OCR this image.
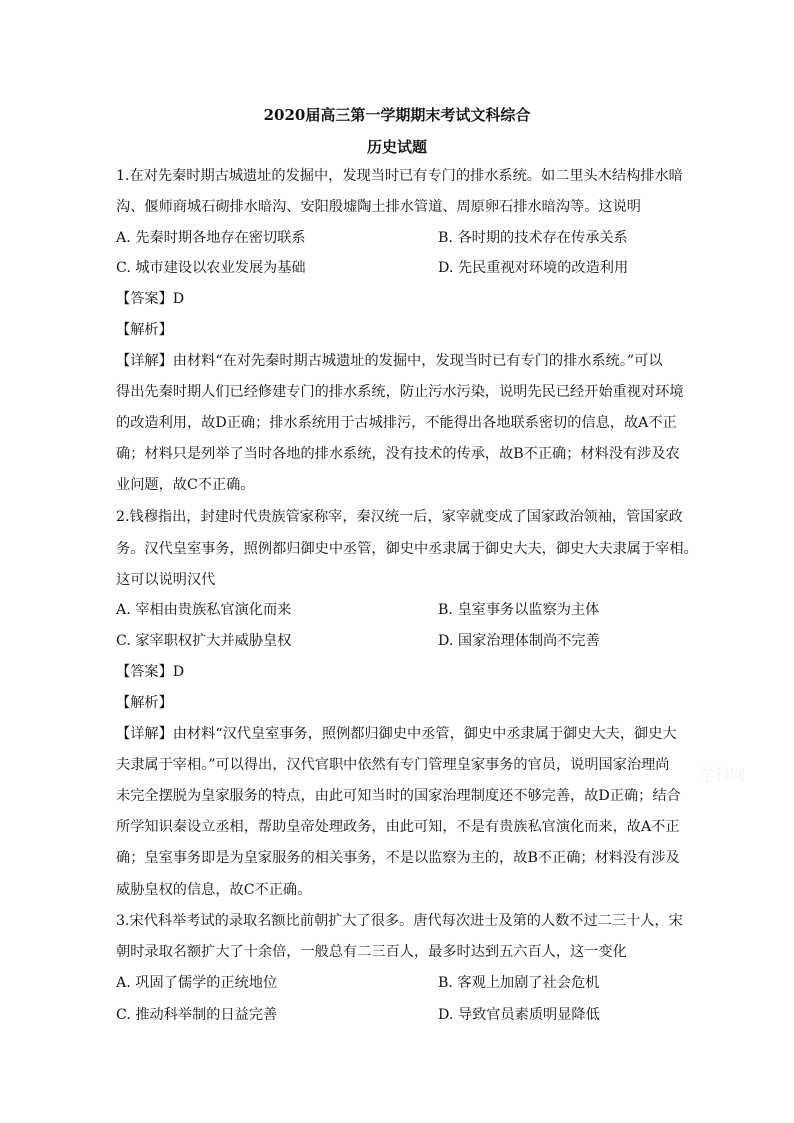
2020届高三第一学期期末考试文科综合
历史试题
1.在对先秦时期古城遗址的发掘中，发现当时已有专门的排水系统。如二里头木结构排水暗
沟、偃师商城石砌排水暗沟、安阳殷墟陶土排水管道、周原卵石排水暗沟等。这说明
A. 先秦时期各地存在密切联系	B. 各时期的技术存在传承关系
C. 城市建设以农业发展为基础	D. 先民重视对环境的改造利用
【答案】D
【解析】
【详解】由材料“在对先秦时期古城遗址的发掘中，发现当时已有专门的排水系统。”可以
得出先秦时期人们已经修建专门的排水系统，防止污水污染，说明先民已经开始重视对环境
的改造利用，故D正确；排水系统用于古城排污，不能得出各地联系密切的信息，故A不正
确；材料只是列举了当时各地的排水系统，没有技术的传承，故B不正确；材料没有涉及农
业问题，故C不正确。
2.钱穆指出，封建时代贵族管家称宰，秦汉统一后，家宰就变成了国家政治领袖，管国家政
务。汉代皇室事务，照例都归御史中丞管，御史中丞隶属于御史大夫，御史大夫隶属于宰相。
这可以说明汉代
A. 宰相由贵族私官演化而来	B. 皇室事务以监察为主体
C. 家宰职权扩大并威胁皇权	D. 国家治理体制尚不完善
【答案】D
【解析】
【详解】由材料“汉代皇室事务，照例都归御史中丞管，御史中丞隶属于御史大夫，御史大
夫隶属于宰相。”可以得出，汉代官职中依然有专门管理皇家事务的官员，说明国家治理尚
未完全摆脱为皇家服务的特点，由此可知当时的国家治理制度还不够完善，故D正确；结合
所学知识秦设立丞相，帮助皇帝处理政务，由此可知，不是有贵族私官演化而来，故A不正
确；皇室事务即是为皇家服务的相关事务，不是以监察为主的，故B不正确；材料没有涉及
威胁皇权的信息，故C不正确。
3.宋代科举考试的录取名额比前朝扩大了很多。唐代每次进士及第的人数不过二三十人，宋
朝时录取名额扩大了十余倍，一般总有二三百人，最多时达到五六百人，这一变化
A. 巩固了儒学的正统地位	B. 客观上加剧了社会危机
C. 推动科举制的日益完善	D. 导致官员素质明显降低
学科网
